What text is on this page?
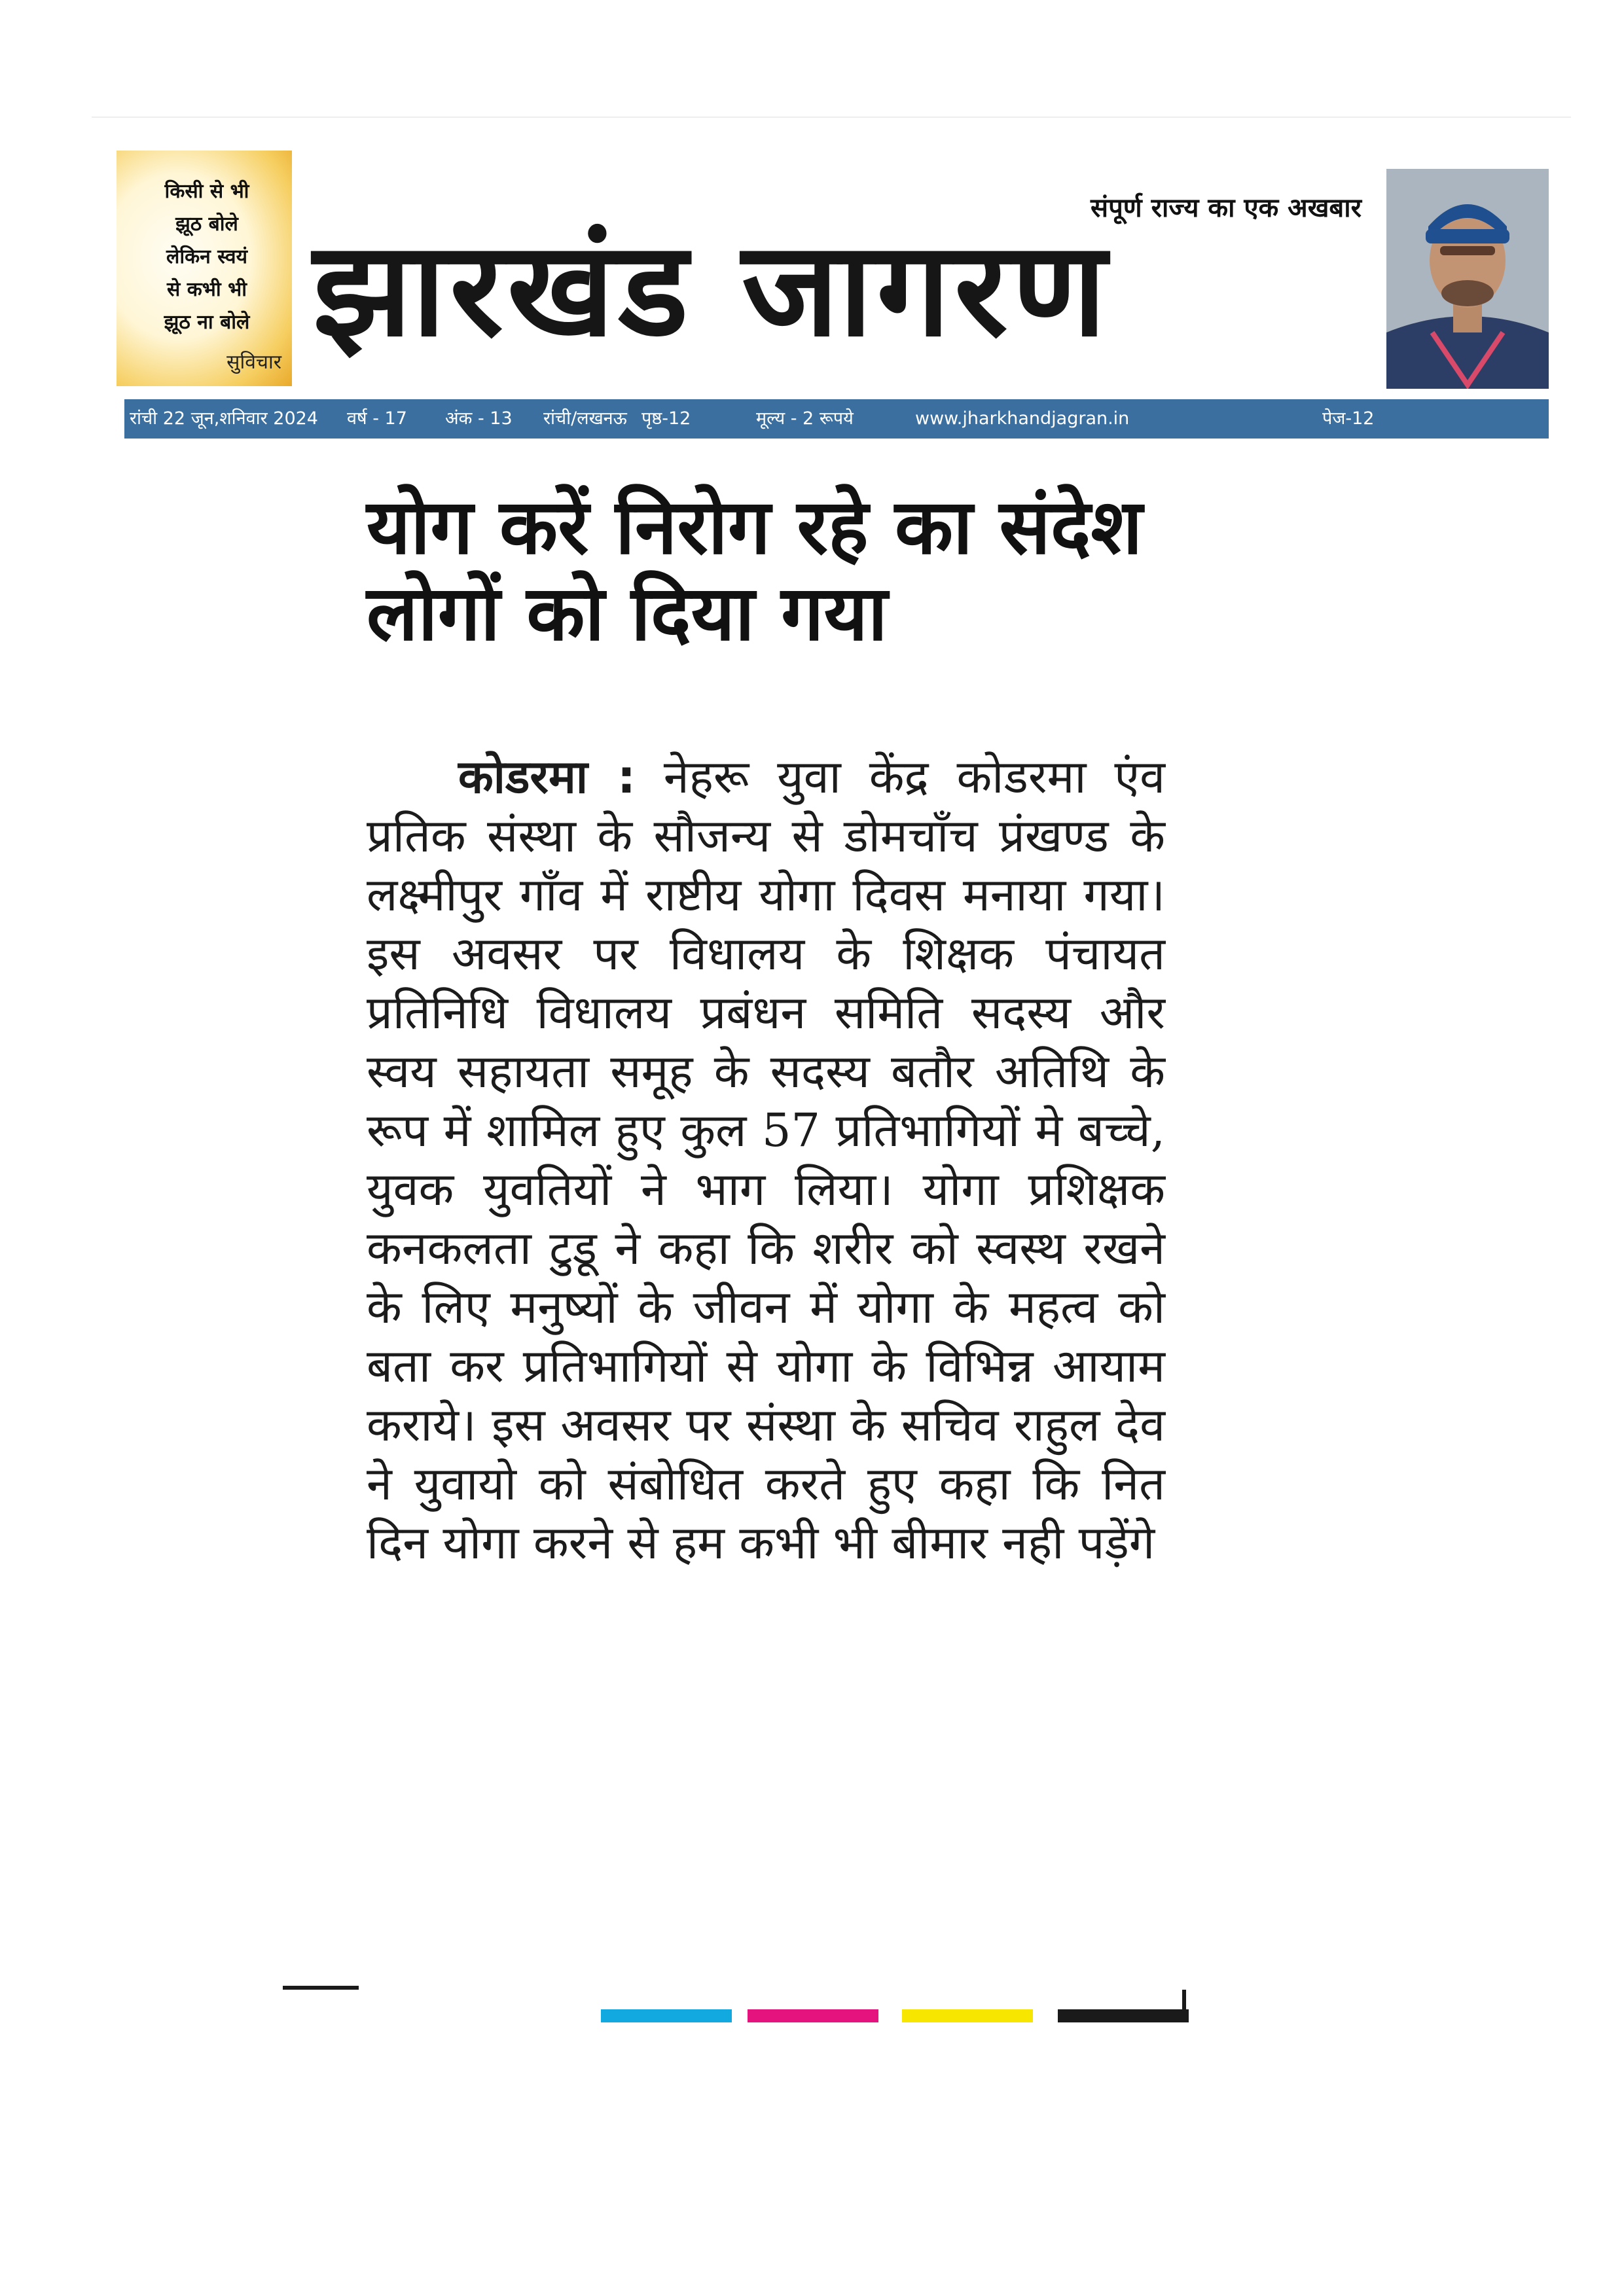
किसी से भी
झूठ बोले
लेकिन स्वयं
से कभी भी
झूठ ना बोले
सुविचार
संपूर्ण राज्य का एक अखबार
झारखंड जागरण
रांची 22 जून,शनिवार 2024 वर्ष - 17 अंक - 13 रांची/लखनऊ पृष्ठ-12	मूल्य - 2 रूपये	www.jharkhandjagran.in	पेज-12
योग करें निरोग रहे का संदेश लोगों को दिया गया

कोडरमा : नेहरू युवा केंद्र कोडरमा एंव प्रतिक संस्था के सौजन्य से डोमचाँच प्रंखण्ड के लक्ष्मीपुर गाँव में राष्टीय योगा दिवस मनाया गया। इस अवसर पर विधालय के शिक्षक पंचायत प्रतिनिधि विधालय प्रबंधन समिति सदस्य और स्वय सहायता समूह के सदस्य बतौर अतिथि के रूप में शामिल हुए कुल 57 प्रतिभागियों मे बच्चे, युवक युवतियों ने भाग लिया। योगा प्रशिक्षक कनकलता टुडू ने कहा कि शरीर को स्वस्थ रखने के लिए मनुष्यों के जीवन में योगा के महत्व को बता कर प्रतिभागियों से योगा के विभिन्न आयाम कराये। इस अवसर पर संस्था के सचिव राहुल देव ने युवायो को संबोधित करते हुए कहा कि नित दिन योगा करने से हम कभी भी बीमार नही पड़ेंगे
